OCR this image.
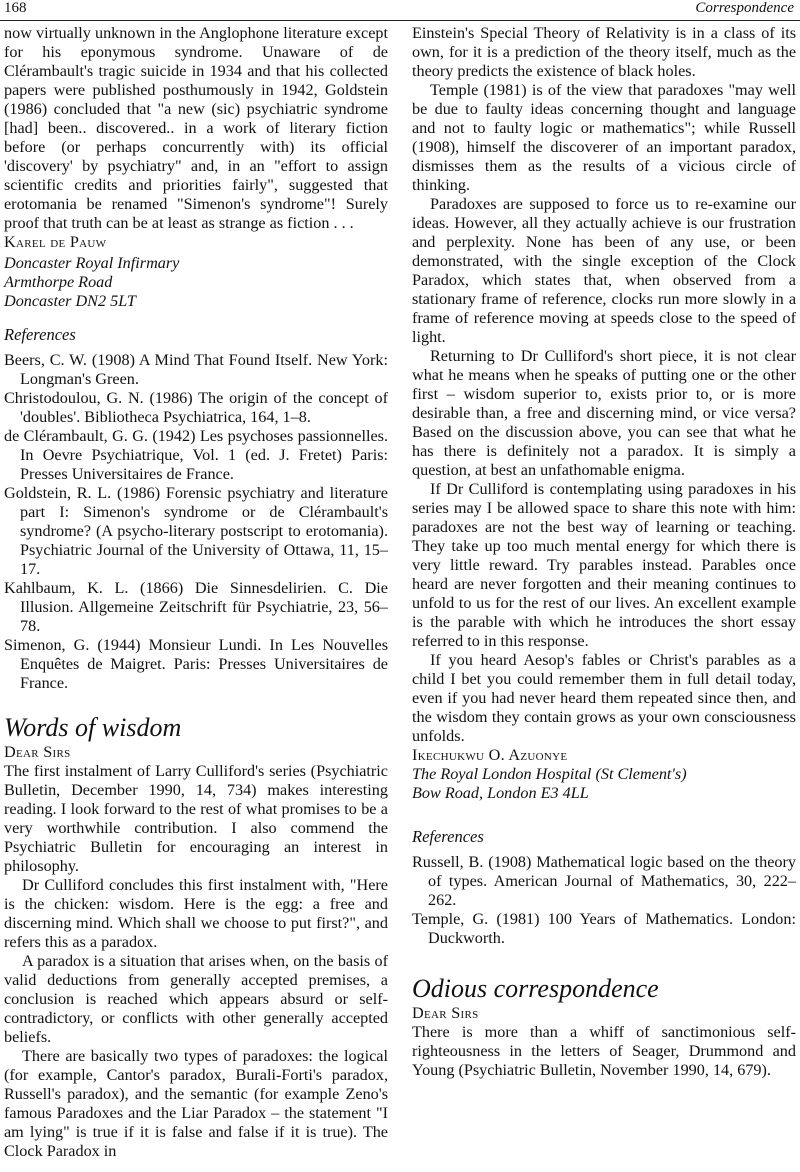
168	Correspondence

now virtually unknown in the Anglophone literature except for his eponymous syndrome. Unaware of de Clérambault's tragic suicide in 1934 and that his collected papers were published posthumously in 1942, Goldstein (1986) concluded that "a new (sic) psychiatric syndrome [had] been.. discovered.. in a work of literary fiction before (or perhaps concurrently with) its official 'discovery' by psychiatry" and, in an "effort to assign scientific credits and priorities fairly", suggested that erotomania be renamed "Simenon's syndrome"! Surely proof that truth can be at least as strange as fiction . . .

Karel de Pauw

Doncaster Royal Infirmary

Armthorpe Road

Doncaster DN2 5LT

References

Beers, C. W. (1908) A Mind That Found Itself. New York: Longman's Green.

Christodoulou, G. N. (1986) The origin of the concept of 'doubles'. Bibliotheca Psychiatrica, 164, 1–8.

de Clérambault, G. G. (1942) Les psychoses passionnelles. In Oevre Psychiatrique, Vol. 1 (ed. J. Fretet) Paris: Presses Universitaires de France.

Goldstein, R. L. (1986) Forensic psychiatry and literature part I: Simenon's syndrome or de Clérambault's syndrome? (A psycho-literary postscript to erotomania). Psychiatric Journal of the University of Ottawa, 11, 15–17.

Kahlbaum, K. L. (1866) Die Sinnesdelirien. C. Die Illusion. Allgemeine Zeitschrift für Psychiatrie, 23, 56–78.

Simenon, G. (1944) Monsieur Lundi. In Les Nouvelles Enquêtes de Maigret. Paris: Presses Universitaires de France.

Words of wisdom

Dear Sirs

The first instalment of Larry Culliford's series (Psychiatric Bulletin, December 1990, 14, 734) makes interesting reading. I look forward to the rest of what promises to be a very worthwhile contribution. I also commend the Psychiatric Bulletin for encouraging an interest in philosophy.

Dr Culliford concludes this first instalment with, "Here is the chicken: wisdom. Here is the egg: a free and discerning mind. Which shall we choose to put first?", and refers this as a paradox.

A paradox is a situation that arises when, on the basis of valid deductions from generally accepted premises, a conclusion is reached which appears absurd or self-contradictory, or conflicts with other generally accepted beliefs.

There are basically two types of paradoxes: the logical (for example, Cantor's paradox, Burali-Forti's paradox, Russell's paradox), and the semantic (for example Zeno's famous Paradoxes and the Liar Paradox – the statement "I am lying" is true if it is false and false if it is true). The Clock Paradox in

Einstein's Special Theory of Relativity is in a class of its own, for it is a prediction of the theory itself, much as the theory predicts the existence of black holes.

Temple (1981) is of the view that paradoxes "may well be due to faulty ideas concerning thought and language and not to faulty logic or mathematics"; while Russell (1908), himself the discoverer of an important paradox, dismisses them as the results of a vicious circle of thinking.

Paradoxes are supposed to force us to re-examine our ideas. However, all they actually achieve is our frustration and perplexity. None has been of any use, or been demonstrated, with the single exception of the Clock Paradox, which states that, when observed from a stationary frame of reference, clocks run more slowly in a frame of reference moving at speeds close to the speed of light.

Returning to Dr Culliford's short piece, it is not clear what he means when he speaks of putting one or the other first – wisdom superior to, exists prior to, or is more desirable than, a free and discerning mind, or vice versa? Based on the discussion above, you can see that what he has there is definitely not a paradox. It is simply a question, at best an unfathomable enigma.

If Dr Culliford is contemplating using paradoxes in his series may I be allowed space to share this note with him: paradoxes are not the best way of learning or teaching. They take up too much mental energy for which there is very little reward. Try parables instead. Parables once heard are never forgotten and their meaning continues to unfold to us for the rest of our lives. An excellent example is the parable with which he introduces the short essay referred to in this response.

If you heard Aesop's fables or Christ's parables as a child I bet you could remember them in full detail today, even if you had never heard them repeated since then, and the wisdom they contain grows as your own consciousness unfolds.

Ikechukwu O. Azuonye

The Royal London Hospital (St Clement's)

Bow Road, London E3 4LL

References

Russell, B. (1908) Mathematical logic based on the theory of types. American Journal of Mathematics, 30, 222–262.

Temple, G. (1981) 100 Years of Mathematics. London: Duckworth.

Odious correspondence

Dear Sirs

There is more than a whiff of sanctimonious self-righteousness in the letters of Seager, Drummond and Young (Psychiatric Bulletin, November 1990, 14, 679).
